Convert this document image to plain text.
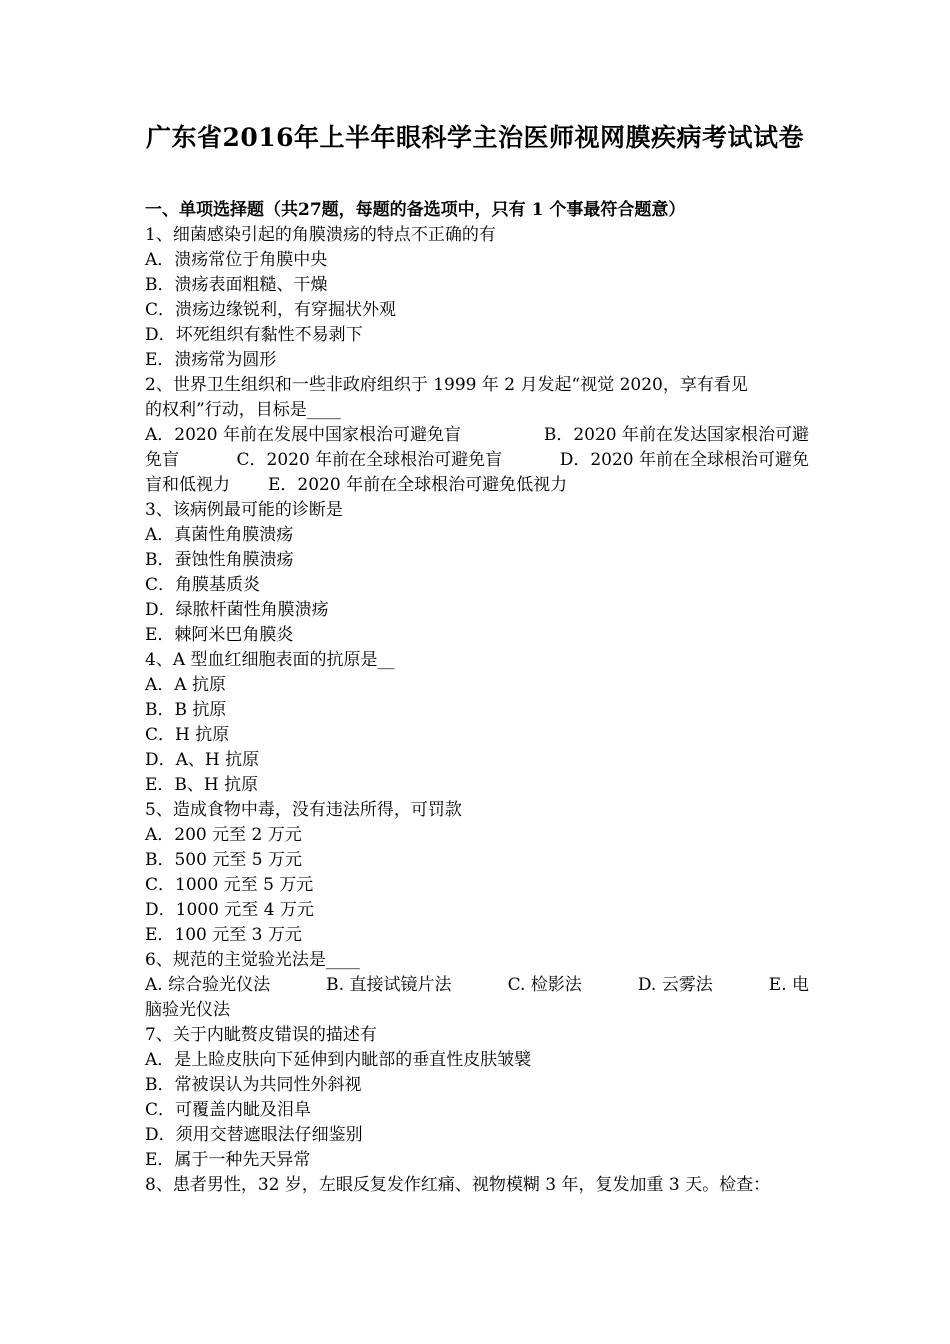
广东省2016年上半年眼科学主治医师视网膜疾病考试试卷
一、单项选择题（共27题，每题的备选项中，只有 1 个事最符合题意）
1、细菌感染引起的角膜溃疡的特点不正确的有
A．溃疡常位于角膜中央
B．溃疡表面粗糙、干燥
C．溃疡边缘锐利，有穿掘状外观
D．坏死组织有黏性不易剥下
E．溃疡常为圆形
2、世界卫生组织和一些非政府组织于 1999 年 2 月发起“视觉 2020，享有看见
的权利”行动，目标是____
A．2020 年前在发展中国家根治可避免盲	B．2020 年前在发达国家根治可避
免盲	C．2020 年前在全球根治可避免盲	D．2020 年前在全球根治可避免
盲和低视力 E．2020 年前在全球根治可避免低视力
3、该病例最可能的诊断是
A．真菌性角膜溃疡
B．蚕蚀性角膜溃疡
C．角膜基质炎
D．绿脓杆菌性角膜溃疡
E．棘阿米巴角膜炎
4、A 型血红细胞表面的抗原是__
A．A 抗原
B．B 抗原
C．H 抗原
D．A、H 抗原
E．B、H 抗原
5、造成食物中毒，没有违法所得，可罚款
A．200 元至 2 万元
B．500 元至 5 万元
C．1000 元至 5 万元
D．1000 元至 4 万元
E．100 元至 3 万元
6、规范的主觉验光法是____
A. 综合验光仪法	B. 直接试镜片法	C. 检影法	D. 云雾法	E. 电
脑验光仪法
7、关于内眦赘皮错误的描述有
A．是上睑皮肤向下延伸到内眦部的垂直性皮肤皱襞
B．常被误认为共同性外斜视
C．可覆盖内眦及泪阜
D．须用交替遮眼法仔细鉴别
E．属于一种先天异常
8、患者男性，32 岁，左眼反复发作红痛、视物模糊 3 年，复发加重 3 天。检查：
